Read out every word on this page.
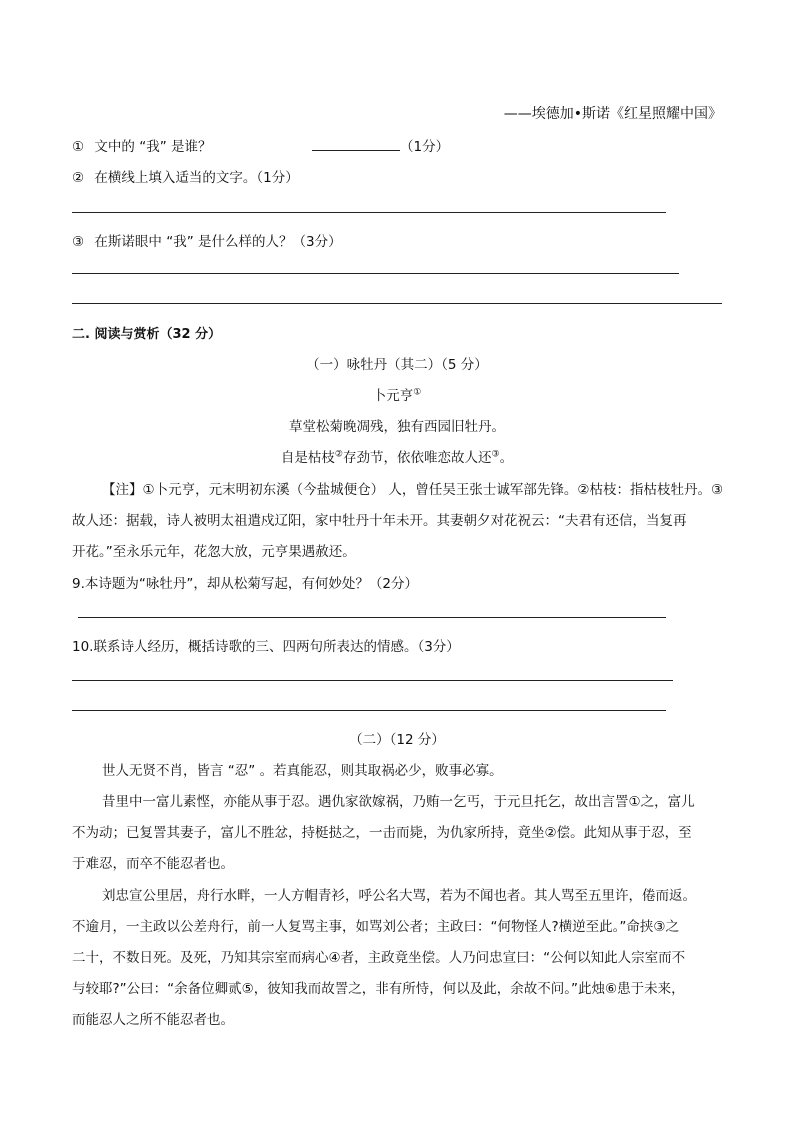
——埃德加•斯诺《红星照耀中国》
① 文中的 “我” 是谁？	（1分）
② 在横线上填入适当的文字。（1分）
③ 在斯诺眼中 “我” 是什么样的人？（3分）
二. 阅读与赏析（32 分）
（一）咏牡丹（其二）（5 分）
卜元亨①
草堂松菊晚凋残，独有西园旧牡丹。
自是枯枝②存劲节，依依唯恋故人还③。
【注】①卜元亨，元末明初东溪（今盐城便仓） 人，曾任吴王张士诚军部先锋。②枯枝：指枯枝牡丹。③
故人还：据载，诗人被明太祖遣戍辽阳，家中牡丹十年未开。其妻朝夕对花祝云：“夫君有还信，当复再
开花。”至永乐元年，花忽大放，元亨果遇赦还。
9.本诗题为“咏牡丹”，却从松菊写起，有何妙处？（2分）
10.联系诗人经历，概括诗歌的三、四两句所表达的情感。（3分）
（二）（12 分）
世人无贤不肖，皆言 “忍” 。若真能忍，则其取祸必少，败事必寡。
昔里中一富儿素悭，亦能从事于忍。遇仇家欲嫁祸，乃贿一乞丐，于元旦托乞，故出言詈①之，富儿
不为动；已复詈其妻子，富儿不胜忿，持梃挞之，一击而毙，为仇家所持，竟坐②偿。此知从事于忍，至
于难忍，而卒不能忍者也。
刘忠宣公里居，舟行水畔，一人方帽青衫，呼公名大骂，若为不闻也者。其人骂至五里许，倦而返。
不逾月，一主政以公差舟行，前一人复骂主事，如骂刘公者；主政曰：“何物怪人?横逆至此。”命挟③之
二十，不数日死。及死，乃知其宗室而病心④者，主政竟坐偿。人乃问忠宣曰：“公何以知此人宗室而不
与较耶?”公曰：“余备位卿贰⑤，彼知我而故詈之，非有所恃，何以及此，余故不问。”此烛⑥患于未来，
而能忍人之所不能忍者也。
